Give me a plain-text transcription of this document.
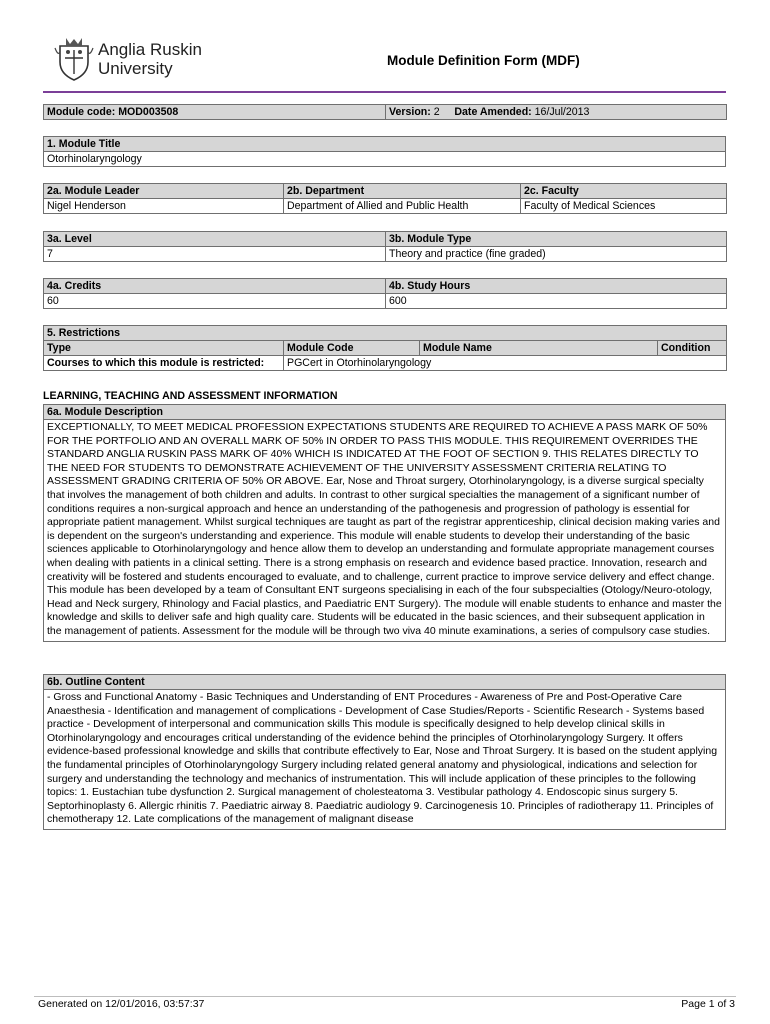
Anglia Ruskin
University	Module Definition Form (MDF)
Module code: MOD003508	Version: 2 Date Amended: 16/Jul/2013
1. Module Title
Otorhinolaryngology
2a. Module Leader	2b. Department	2c. Faculty
Nigel Henderson	Department of Allied and Public Health	Faculty of Medical Sciences
3a. Level	3b. Module Type
7	Theory and practice (fine graded)
4a. Credits	4b. Study Hours
60	600
5. Restrictions			
Type	Module Code	Module Name	Condition
Courses to which this module is restricted:	PGCert in Otorhinolaryngology		
LEARNING, TEACHING AND ASSESSMENT INFORMATION
6a. Module Description
EXCEPTIONALLY, TO MEET MEDICAL PROFESSION EXPECTATIONS STUDENTS ARE REQUIRED TO ACHIEVE A PASS MARK OF 50% FOR THE PORTFOLIO AND AN OVERALL MARK OF 50% IN ORDER TO PASS THIS MODULE. THIS REQUIREMENT OVERRIDES THE STANDARD ANGLIA RUSKIN PASS MARK OF 40% WHICH IS INDICATED AT THE FOOT OF SECTION 9. THIS RELATES DIRECTLY TO THE NEED FOR STUDENTS TO DEMONSTRATE ACHIEVEMENT OF THE UNIVERSITY ASSESSMENT CRITERIA RELATING TO ASSESSMENT GRADING CRITERIA OF 50% OR ABOVE. Ear, Nose and Throat surgery, Otorhinolaryngology, is a diverse surgical specialty that involves the management of both children and adults. In contrast to other surgical specialties the management of a significant number of conditions requires a non-surgical approach and hence an understanding of the pathogenesis and progression of pathology is essential for appropriate patient management. Whilst surgical techniques are taught as part of the registrar apprenticeship, clinical decision making varies and is dependent on the surgeon's understanding and experience. This module will enable students to develop their understanding of the basic sciences applicable to Otorhinolaryngology and hence allow them to develop an understanding and formulate appropriate management courses when dealing with patients in a clinical setting. There is a strong emphasis on research and evidence based practice. Innovation, research and creativity will be fostered and students encouraged to evaluate, and to challenge, current practice to improve service delivery and effect change. This module has been developed by a team of Consultant ENT surgeons specialising in each of the four subspecialties (Otology/Neuro-otology, Head and Neck surgery, Rhinology and Facial plastics, and Paediatric ENT Surgery). The module will enable students to enhance and master the knowledge and skills to deliver safe and high quality care. Students will be educated in the basic sciences, and their subsequent application in the management of patients. Assessment for the module will be through two viva 40 minute examinations, a series of compulsory case studies.
6b. Outline Content
- Gross and Functional Anatomy - Basic Techniques and Understanding of ENT Procedures - Awareness of Pre and Post-Operative Care Anaesthesia - Identification and management of complications - Development of Case Studies/Reports - Scientific Research - Systems based practice - Development of interpersonal and communication skills This module is specifically designed to help develop clinical skills in Otorhinolaryngology and encourages critical understanding of the evidence behind the principles of Otorhinolaryngology Surgery. It offers evidence-based professional knowledge and skills that contribute effectively to Ear, Nose and Throat Surgery. It is based on the student applying the fundamental principles of Otorhinolaryngology Surgery including related general anatomy and physiological, indications and selection for surgery and understanding the technology and mechanics of instrumentation. This will include application of these principles to the following topics: 1. Eustachian tube dysfunction 2. Surgical management of cholesteatoma 3. Vestibular pathology 4. Endoscopic sinus surgery 5. Septorhinoplasty 6. Allergic rhinitis 7. Paediatric airway 8. Paediatric audiology 9. Carcinogenesis 10. Principles of radiotherapy 11. Principles of chemotherapy 12. Late complications of the management of malignant disease
Generated on 12/01/2016, 03:57:37	Page 1 of 3
